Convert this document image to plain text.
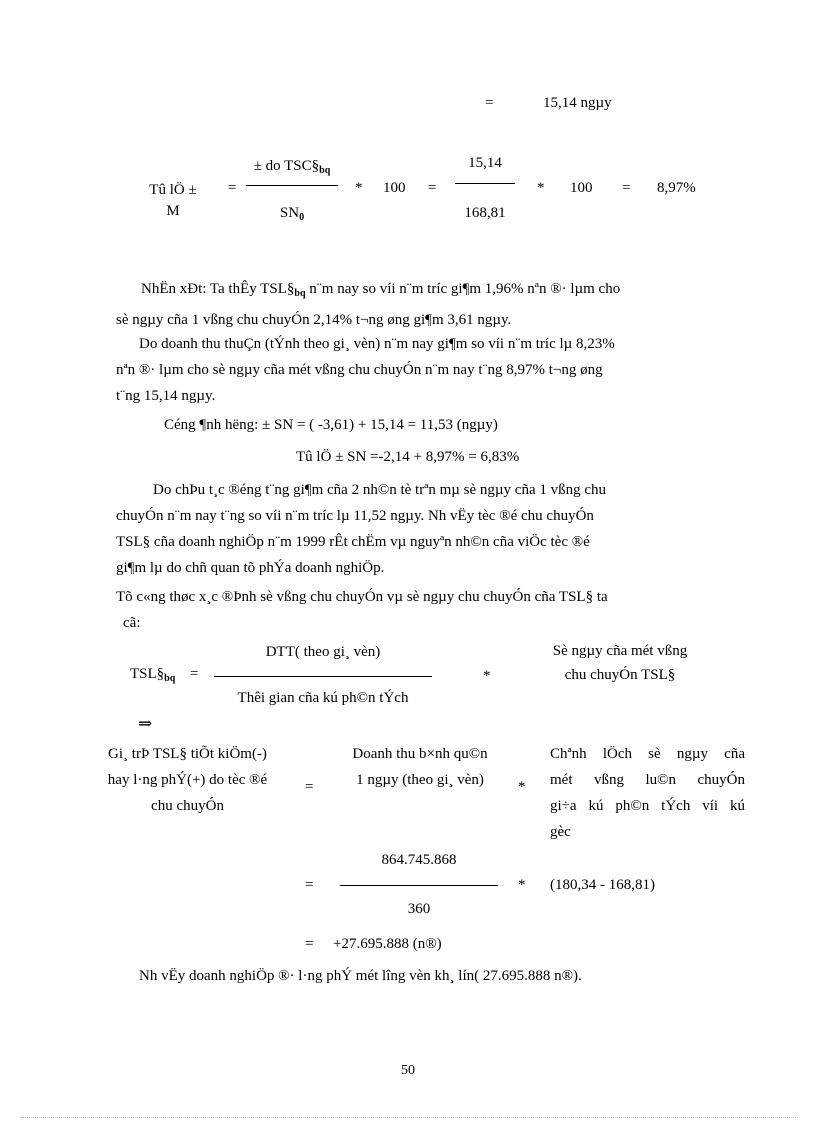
=	15,14 ngµy
Tû lÖ ±
M
=
± do $TSC\S_{bq}$
$SN_0$
* 100 =
15,14
168,81
* 100 = 8,97%
NhËn xÐt: Ta thÊy $TSL\S_{bq}$ n¨m nay so víi n¨m tríc gi¶m 1,96% nªn ®· lµm cho
sè ngµy cña 1 vßng chu chuyÓn 2,14% t¬ng øng gi¶m 3,61 ngµy.
Do doanh thu thuÇn (tÝnh theo gi¸ vèn) n¨m nay gi¶m so víi n¨m tríc lµ 8,23%
nªn ®· lµm cho sè ngµy cña mét vßng chu chuyÓn n¨m nay t¨ng 8,97% t¬ng øng
t¨ng 15,14 ngµy.
Céng ¶nh hëng: ± SN = ( -3,61) + 15,14 = 11,53 (ngµy)
Tû lÖ ± SN =-2,14 + 8,97% = 6,83%
Do chÞu t¸c ®éng t¨ng gi¶m cña 2 nh©n tè trªn mµ sè ngµy cña 1 vßng chu
chuyÓn n¨m nay t¨ng so víi n¨m tríc lµ 11,52 ngµy. Nh vËy tèc ®é chu chuyÓn
TSL§ cña doanh nghiÖp n¨m 1999 rÊt chËm vµ nguyªn nh©n cña viÖc tèc ®é
gi¶m lµ do chñ quan tõ phÝa doanh nghiÖp.
Tõ c«ng thøc x¸c ®Þnh sè vßng chu chuyÓn vµ sè ngµy chu chuyÓn cña TSL§ ta
cã:
$TSL\S_{bq}$ =
DTT( theo gi¸ vèn)
Thêi gian cña kú ph©n tÝch
*
Sè ngµy cña mét vßng
chu chuyÓn TSL§
⇒
Gi¸ trÞ TSL§ tiÕt kiÖm(-)
hay l·ng phÝ(+) do tèc ®é
chu chuyÓn
=
Doanh thu b×nh qu©n
1 ngµy (theo gi¸ vèn)	*
Chªnh lÖch sè ngµy cña
mét vßng lu©n chuyÓn
gi÷a kú ph©n tÝch víi kú
gèc
=
864.745.868
360
* (180,34 - 168,81)
= +27.695.888 (n®)
Nh vËy doanh nghiÖp ®· l·ng phÝ mét lîng vèn kh¸ lín( 27.695.888 n®).
50
